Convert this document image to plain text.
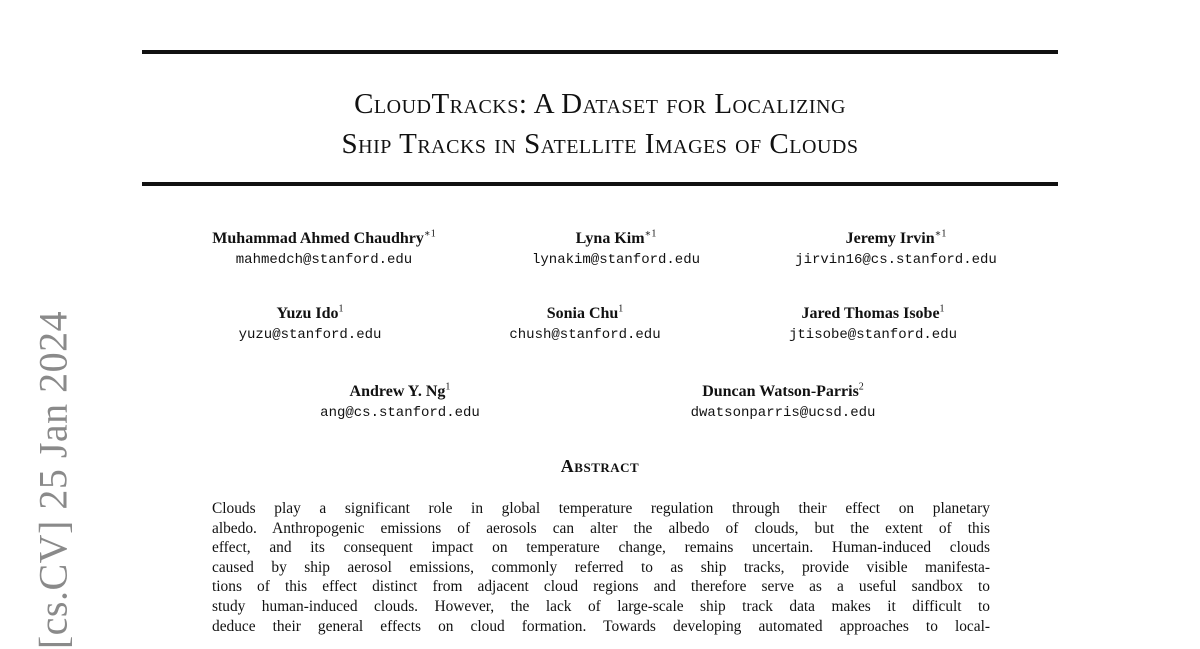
CloudTracks: A Dataset for Localizing
Ship Tracks in Satellite Images of Clouds
Muhammad Ahmed Chaudhry$^{∗1}$
mahmedch@stanford.edu
Lyna Kim$^{∗1}$
lynakim@stanford.edu
Jeremy Irvin$^{∗1}$
jirvin16@cs.stanford.edu
Yuzu Ido$^1$
yuzu@stanford.edu
Sonia Chu$^1$
chush@stanford.edu
Jared Thomas Isobe$^1$
jtisobe@stanford.edu
Andrew Y. Ng$^1$
ang@cs.stanford.edu
Duncan Watson-Parris$^2$
dwatsonparris@ucsd.edu
Abstract
Clouds play a significant role in global temperature regulation through their effect on planetary
albedo. Anthropogenic emissions of aerosols can alter the albedo of clouds, but the extent of this
effect, and its consequent impact on temperature change, remains uncertain. Human-induced clouds
caused by ship aerosol emissions, commonly referred to as ship tracks, provide visible manifesta-
tions of this effect distinct from adjacent cloud regions and therefore serve as a useful sandbox to
study human-induced clouds. However, the lack of large-scale ship track data makes it difficult to
deduce their general effects on cloud formation. Towards developing automated approaches to local-
[cs.CV] 25 Jan 2024
